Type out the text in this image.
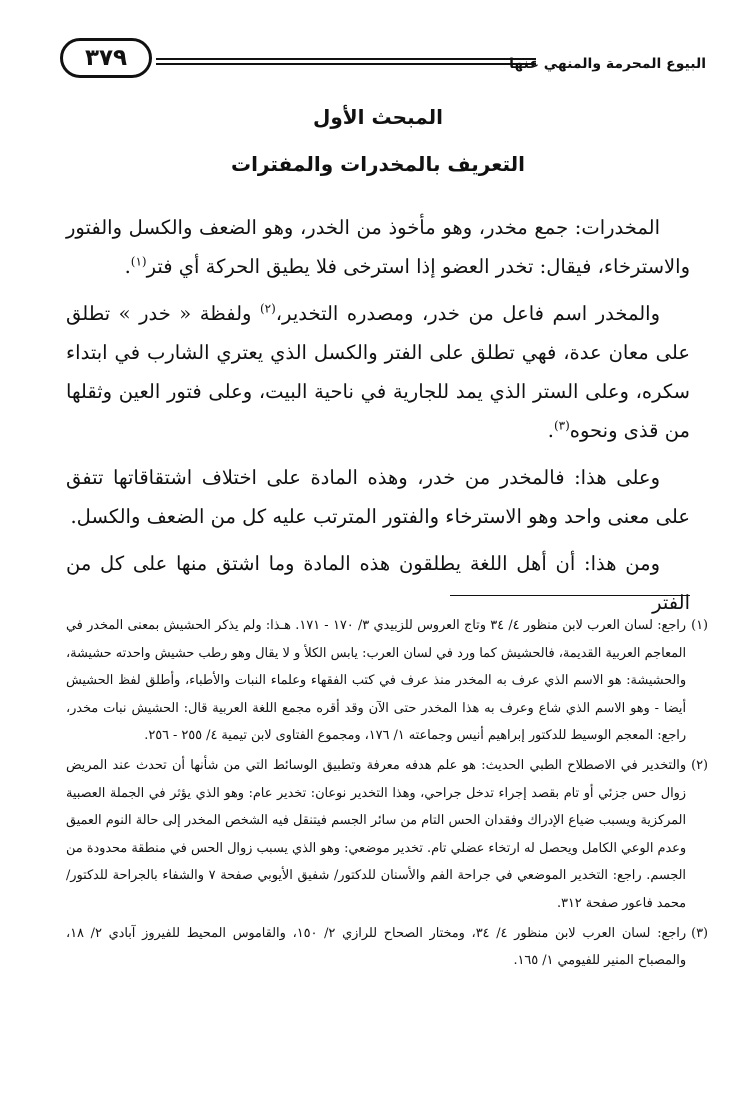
٣٧٩	البيوع المحرمة والمنهي عنها
المبحث الأول
التعريف بالمخدرات والمفترات

المخدرات: جمع مخدر، وهو مأخوذ من الخدر، وهو الضعف والكسل والفتور والاسترخاء، فيقال: تخدر العضو إذا استرخى فلا يطيق الحركة أي فتر$^{(١)}$.

والمخدر اسم فاعل من خدر، ومصدره التخدير،$^{(٢)}$ ولفظة « خدر » تطلق على معان عدة، فهي تطلق على الفتر والكسل الذي يعتري الشارب في ابتداء سكره، وعلى الستر الذي يمد للجارية في ناحية البيت، وعلى فتور العين وثقلها من قذى ونحوه$^{(٣)}$.

وعلى هذا: فالمخدر من خدر، وهذه المادة على اختلاف اشتقاقاتها تتفق على معنى واحد وهو الاسترخاء والفتور المترتب عليه كل من الضعف والكسل.

ومن هذا: أن أهل اللغة يطلقون هذه المادة وما اشتق منها على كل من الفتر

(١)
راجع: لسان العرب لابن منظور ٤/ ٣٤ وتاج العروس للزبيدي ٣/ ١٧٠ - ١٧١. هـذا: ولم يذكر الحشيش بمعنى المخدر في المعاجم العربية القديمة، فالحشيش كما ورد في لسان العرب: يابس الكلأ و لا يقال وهو رطب حشيش واحدته حشيشة، والحشيشة: هو الاسم الذي عرف به المخدر منذ عرف في كتب الفقهاء وعلماء النبات والأطباء، وأطلق لفظ الحشيش أيضا - وهو الاسم الذي شاع وعرف به هذا المخدر حتى الآن وقد أقره مجمع اللغة العربية قال: الحشيش نبات مخدر، راجع: المعجم الوسيط للدكتور إبراهيم أنيس وجماعته ١/ ١٧٦، ومجموع الفتاوى لابن تيمية ٤/ ٢٥٥ - ٢٥٦.
(٢)
والتخدير في الاصطلاح الطبي الحديث: هو علم هدفه معرفة وتطبيق الوسائط التي من شأنها أن تحدث عند المريض زوال حس جزئي أو تام بقصد إجراء تدخل جراحي، وهذا التخدير نوعان: تخدير عام: وهو الذي يؤثر في الجملة العصبية المركزية ويسبب ضياع الإدراك وفقدان الحس التام من سائر الجسم فيتنقل فيه الشخص المخدر إلى حالة النوم العميق وعدم الوعي الكامل ويحصل له ارتخاء عضلي تام. تخدير موضعي: وهو الذي يسبب زوال الحس في منطقة محدودة من الجسم. راجع: التخدير الموضعي في جراحة الفم والأسنان للدكتور/ شفيق الأيوبي صفحة ٧ والشفاء بالجراحة للدكتور/ محمد فاعور صفحة ٣١٢.
(٣)
راجع: لسان العرب لابن منظور ٤/ ٣٤، ومختار الصحاح للرازي ٢/ ١٥٠، والقاموس المحيط للفيروز آبادي ٢/ ١٨، والمصباح المنير للفيومي ١/ ١٦٥.
